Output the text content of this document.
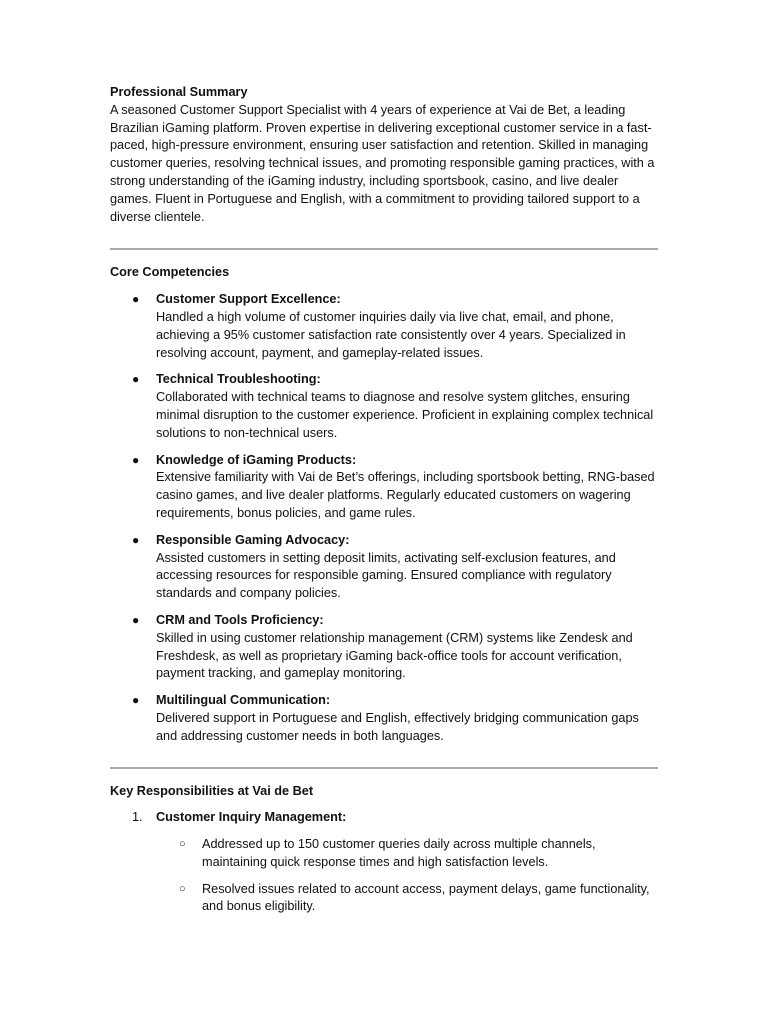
Professional Summary

A seasoned Customer Support Specialist with 4 years of experience at Vai de Bet, a leading Brazilian iGaming platform. Proven expertise in delivering exceptional customer service in a fast-paced, high-pressure environment, ensuring user satisfaction and retention. Skilled in managing customer queries, resolving technical issues, and promoting responsible gaming practices, with a strong understanding of the iGaming industry, including sportsbook, casino, and live dealer games. Fluent in Portuguese and English, with a commitment to providing tailored support to a diverse clientele.

Core Competencies
● Customer Support Excellence:
Handled a high volume of customer inquiries daily via live chat, email, and phone, achieving a 95% customer satisfaction rate consistently over 4 years. Specialized in resolving account, payment, and gameplay-related issues.
● Technical Troubleshooting:
Collaborated with technical teams to diagnose and resolve system glitches, ensuring minimal disruption to the customer experience. Proficient in explaining complex technical solutions to non-technical users.
● Knowledge of iGaming Products:
Extensive familiarity with Vai de Bet’s offerings, including sportsbook betting, RNG-based casino games, and live dealer platforms. Regularly educated customers on wagering requirements, bonus policies, and game rules.
● Responsible Gaming Advocacy:
Assisted customers in setting deposit limits, activating self-exclusion features, and accessing resources for responsible gaming. Ensured compliance with regulatory standards and company policies.
● CRM and Tools Proficiency:
Skilled in using customer relationship management (CRM) systems like Zendesk and Freshdesk, as well as proprietary iGaming back-office tools for account verification, payment tracking, and gameplay monitoring.
● Multilingual Communication:
Delivered support in Portuguese and English, effectively bridging communication gaps and addressing customer needs in both languages.
Key Responsibilities at Vai de Bet
1. Customer Inquiry Management:
○ Addressed up to 150 customer queries daily across multiple channels, maintaining quick response times and high satisfaction levels.
○ Resolved issues related to account access, payment delays, game functionality, and bonus eligibility.
